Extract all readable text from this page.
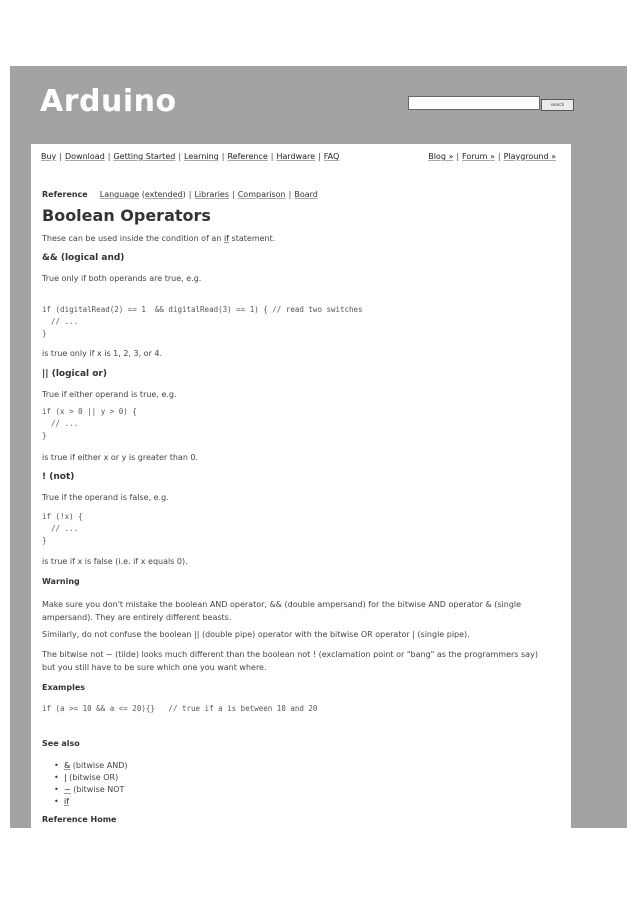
Arduino	search
Buy | Download | Getting Started | Learning | Reference | Hardware | FAQ	Blog » | Forum » | Playground »
Reference Language (extended) | Libraries | Comparison | Board
Boolean Operators
These can be used inside the condition of an if statement.
&& (logical and)
True only if both operands are true, e.g.
if (digitalRead(2) == 1  && digitalRead(3) == 1) { // read two switches
// ...
}
is true only if x is 1, 2, 3, or 4.
|| (logical or)
True if either operand is true, e.g.
if (x > 0 || y > 0) {
// ...
}
is true if either x or y is greater than 0.
! (not)
True if the operand is false, e.g.
if (!x) {
// ...
}
is true if x is false (i.e. if x equals 0).
Warning
Make sure you don't mistake the boolean AND operator, && (double ampersand) for the bitwise AND operator & (single
ampersand). They are entirely different beasts.
Similarly, do not confuse the boolean || (double pipe) operator with the bitwise OR operator | (single pipe).
The bitwise not ~ (tilde) looks much different than the boolean not ! (exclamation point or "bang" as the programmers say)
but you still have to be sure which one you want where.
Examples
if (a >= 10 && a <= 20){}   // true if a is between 10 and 20
See also
• & (bitwise AND)
• | (bitwise OR)
• ~ (bitwise NOT
• if
Reference Home
